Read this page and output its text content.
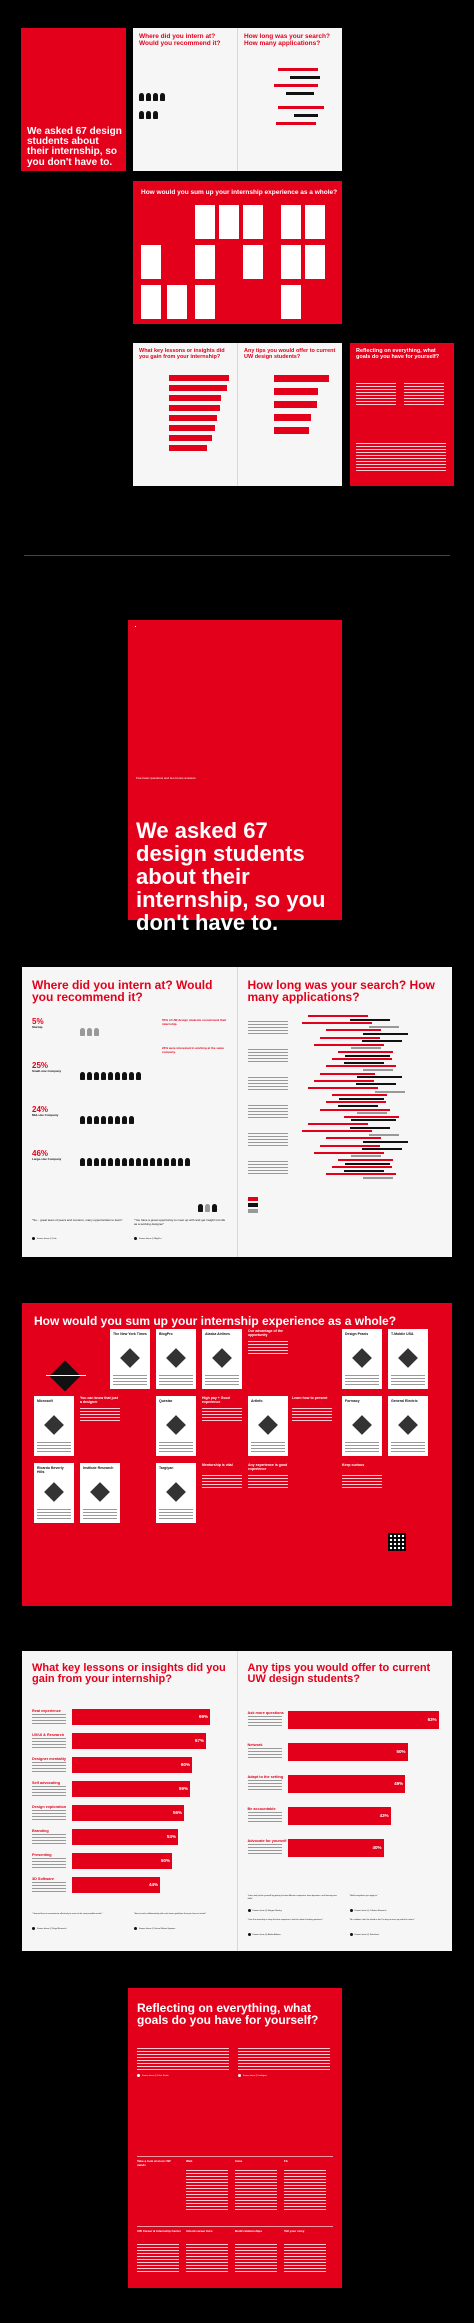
We asked 67 design students about their internship, so you don't have to.
Where did you intern at? Would you recommend it?

How long was your search? How many applications?
How would you sum up your internship experience as a whole?
What key lessons or insights did you gain from your internship?
Any tips you would offer to current UW design students?
Reflecting on everything, what goals do you have for yourself?
■
Five basic questions and two bonus answers.
We asked 67 design students about their internship, so you don't have to.
Where did you intern at? Would you recommend it?
5%
Startup
25%
Small-size Company
24%
Mid-size Company
46%
Large-size Company
55% of UW design students recommend their internship.
23% were interested in working at the same company.
"So... great team of peers and mentors, many opportunities to learn"
Former Intern @ Dolo
"You have a great opportunity to meet up with and get insight into life as a working designer"
Former Intern @ BlogPro
How long was your search? How many applications?
How would you sum up your internship experience as a whole?
The New York Times	BlogPro	Alaska Airlines	Design Praxis	T-Mobile USA
Microsoft	Questar	ArtInfo	Formacy	General Electric
Ricardo Beverly Hills
Institute Research	Targiyan
Our advantage of the opportunity
You can know that just a designer
Any experience is good experience
High pay + Good experience
Mentorship is vital
Learn how to present
Keep curious
What key lessons or insights did you gain from your internship?
"I learned how to communicate effectively to arrive at the most possible results."
Former Intern @ Royal Research
"How to work collaboratively with much fewer guidelines than you have at school."
Former Intern @ Seven Wolves Systems
Real experience
69%
UX/UI & Research
67%
Designer mentality
60%
Self advocating
59%
Design exploration
56%
Branding
53%
Presenting
50%
3D Software
44%
Any tips you would offer to current UW design students?
"Intern and just be yourself by getting to know different companies, team dynamics, and learning new skills."
Former Intern @ Morgan Stanley
"Your first internship is away the best experience, don't be afraid of asking questions."
Former Intern @ Alaska Airlines
"Build everywhere you apply to."
Former Intern @ Collision Research
"Be confident, don't be afraid to fail. It's okay to mess up and feel curious."
Former Intern @ Salesforce
Ask more questions
63%
Network
50%
Adapt to the setting
49%
Be accountable
43%
Advocate for yourself
40%
Reflecting on everything, what goals do you have for yourself?
Former Intern @ Pulse Studio	Former Intern @ Intelligent
Take a look at more UW minds
Web	Insta	Fb
UW Career & Internship Center Attend career fairs	Build relationships	Tell your story
